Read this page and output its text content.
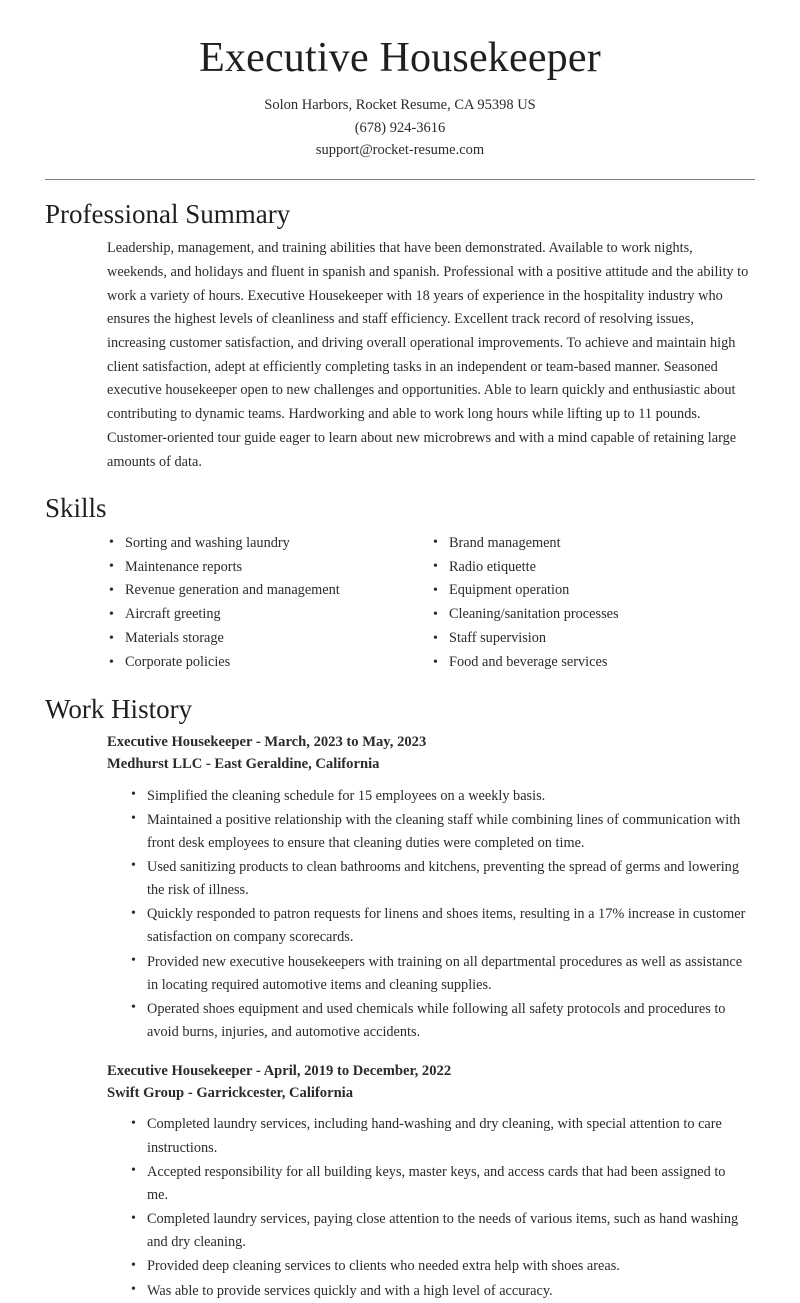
Executive Housekeeper
Solon Harbors, Rocket Resume, CA 95398 US
(678) 924-3616
support@rocket-resume.com
Professional Summary

Leadership, management, and training abilities that have been demonstrated. Available to work nights, weekends, and holidays and fluent in spanish and spanish. Professional with a positive attitude and the ability to work a variety of hours. Executive Housekeeper with 18 years of experience in the hospitality industry who ensures the highest levels of cleanliness and staff efficiency. Excellent track record of resolving issues, increasing customer satisfaction, and driving overall operational improvements. To achieve and maintain high client satisfaction, adept at efficiently completing tasks in an independent or team-based manner. Seasoned executive housekeeper open to new challenges and opportunities. Able to learn quickly and enthusiastic about contributing to dynamic teams. Hardworking and able to work long hours while lifting up to 11 pounds. Customer-oriented tour guide eager to learn about new microbrews and with a mind capable of retaining large amounts of data.

Skills
• Sorting and washing laundry
• Maintenance reports
• Revenue generation and management
• Aircraft greeting
• Materials storage
• Corporate policies
• Brand management
• Radio etiquette
• Equipment operation
• Cleaning/sanitation processes
• Staff supervision
• Food and beverage services
Work History
Executive Housekeeper - March, 2023 to May, 2023
Medhurst LLC - East Geraldine, California
• Simplified the cleaning schedule for 15 employees on a weekly basis.
• Maintained a positive relationship with the cleaning staff while combining lines of communication with front desk employees to ensure that cleaning duties were completed on time.
• Used sanitizing products to clean bathrooms and kitchens, preventing the spread of germs and lowering the risk of illness.
• Quickly responded to patron requests for linens and shoes items, resulting in a 17% increase in customer satisfaction on company scorecards.
• Provided new executive housekeepers with training on all departmental procedures as well as assistance in locating required automotive items and cleaning supplies.
• Operated shoes equipment and used chemicals while following all safety protocols and procedures to avoid burns, injuries, and automotive accidents.
Executive Housekeeper - April, 2019 to December, 2022
Swift Group - Garrickcester, California
• Completed laundry services, including hand-washing and dry cleaning, with special attention to care instructions.
• Accepted responsibility for all building keys, master keys, and access cards that had been assigned to me.
• Completed laundry services, paying close attention to the needs of various items, such as hand washing and dry cleaning.
• Provided deep cleaning services to clients who needed extra help with shoes areas.
• Was able to provide services quickly and with a high level of accuracy.
